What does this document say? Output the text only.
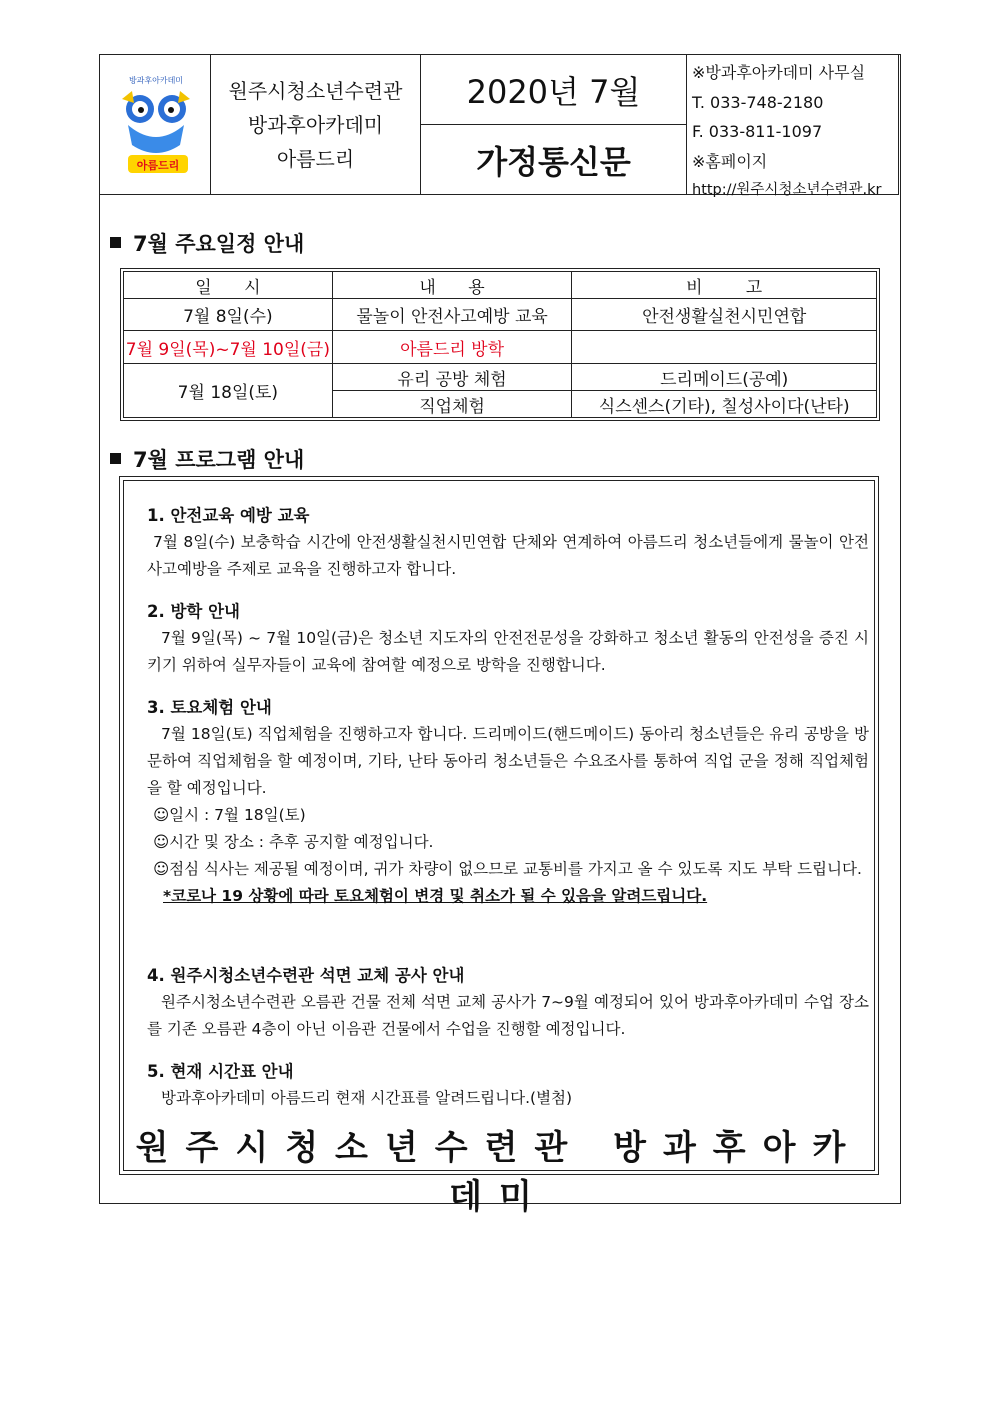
방과후아카데미
아름드리
원주시청소년수련관
방과후아카데미
아름드리
2020년 7월
가정통신문
※방과후아카데미 사무실
T. 033-748-2180
F. 033-811-1097
※홈페이지
http://원주시청소년수련관.kr
7월 주요일정 안내
일      시	내      용	비        고
7월 8일(수)	물놀이 안전사고예방 교육	안전생활실천시민연합
7월 9일(목)~7월 10일(금)	아름드리 방학	
7월 18일(토)	유리 공방 체험	드리메이드(공예)
	직업체험	식스센스(기타), 칠성사이다(난타)
7월 프로그램 안내
1. 안전교육 예방 교육

7월 8일(수) 보충학습 시간에 안전생활실천시민연합 단체와 연계하여 아름드리 청소년들에게 물놀이 안전사고예방을 주제로 교육을 진행하고자 합니다.

2. 방학 안내

7월 9일(목) ~ 7월 10일(금)은 청소년 지도자의 안전전문성을 강화하고 청소년 활동의 안전성을 증진 시키기 위하여 실무자들이 교육에 참여할 예정으로 방학을 진행합니다.

3. 토요체험 안내

7월 18일(토) 직업체험을 진행하고자 합니다. 드리메이드(핸드메이드) 동아리 청소년들은 유리 공방을 방문하여 직업체험을 할 예정이며, 기타, 난타 동아리 청소년들은 수요조사를 통하여 직업 군을 정해 직업체험을 할 예정입니다.

☺일시 : 7월 18일(토)
☺시간 및 장소 : 추후 공지할 예정입니다.
☺점심 식사는 제공될 예정이며, 귀가 차량이 없으므로 교통비를 가지고 올 수 있도록 지도 부탁 드립니다.
*코로나 19 상황에 따라 토요체험이 변경 및 취소가 될 수 있음을 알려드립니다.
4. 원주시청소년수련관 석면 교체 공사 안내

원주시청소년수련관 오름관 건물 전체 석면 교체 공사가 7~9월 예정되어 있어 방과후아카데미 수업 장소를 기존 오름관 4층이 아닌 이음관 건물에서 수업을 진행할 예정입니다.

5. 현재 시간표 안내

방과후아카데미 아름드리 현재 시간표를 알려드립니다.(별첨)

원주시청소년수련관 방과후아카데미
